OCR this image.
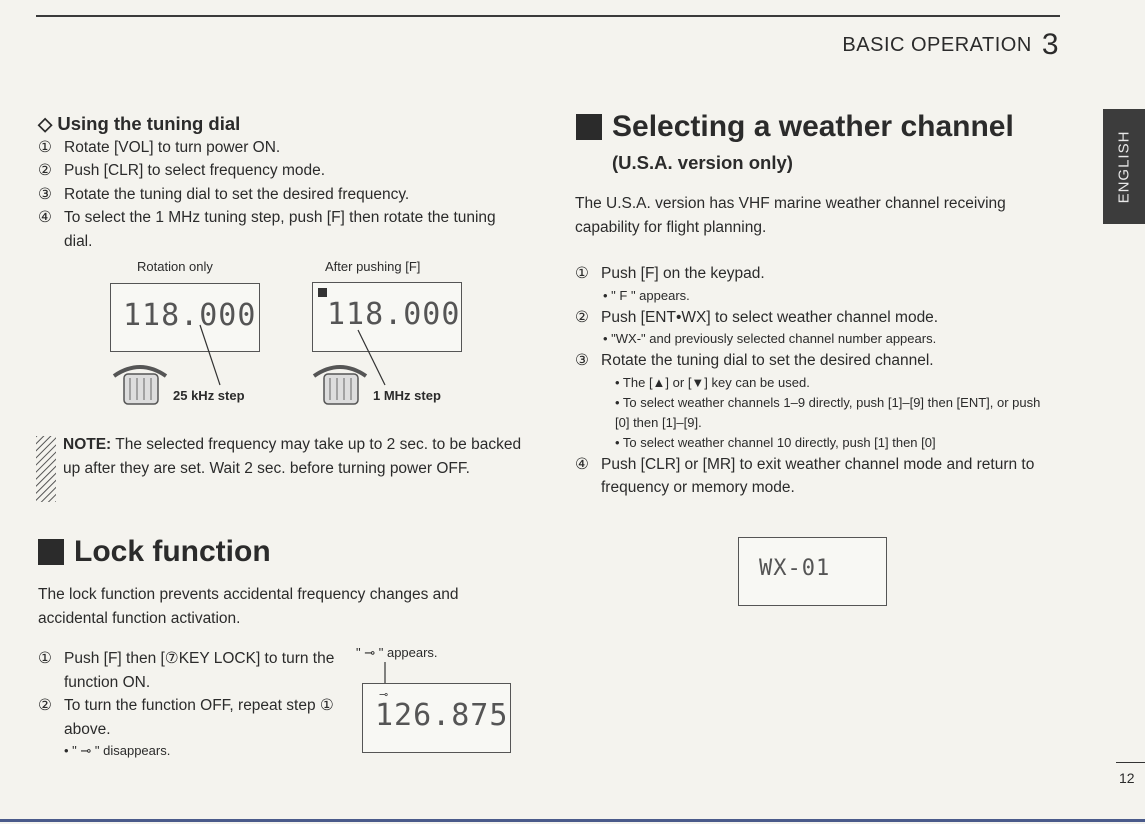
BASIC OPERATION 3
ENGLISH
◇ Using the tuning dial
① Rotate [VOL] to turn power ON.
② Push [CLR] to select frequency mode.
③ Rotate the tuning dial to set the desired frequency.
④ To select the 1 MHz tuning step, push [F] then rotate the tuning dial.
Rotation only	After pushing [F]
118.000 118.000
25 kHz step	1 MHz step
NOTE: The selected frequency may take up to 2 sec. to be backed up after they are set. Wait 2 sec. before turning power OFF.
Lock function
The lock function prevents accidental frequency changes and accidental function activation.
① Push [F] then [⑦KEY LOCK] to turn the function ON.
② To turn the function OFF, repeat step ① above.
• " ⊸ " disappears.
" ⊸ " appears.
⊸
126.875
Selecting a weather channel
(U.S.A. version only)
The U.S.A. version has VHF marine weather channel receiving capability for flight planning.
① Push [F] on the keypad.
• " F " appears.
② Push [ENT•WX] to select weather channel mode.
• "WX-" and previously selected channel number appears.
③ Rotate the tuning dial to set the desired channel.
• The [▲] or [▼] key can be used.
• To select weather channels 1–9 directly, push [1]–[9] then [ENT], or push [0] then [1]–[9].
• To select weather channel 10 directly, push [1] then [0]
④ Push [CLR] or [MR] to exit weather channel mode and return to frequency or memory mode.
WX-01
12
